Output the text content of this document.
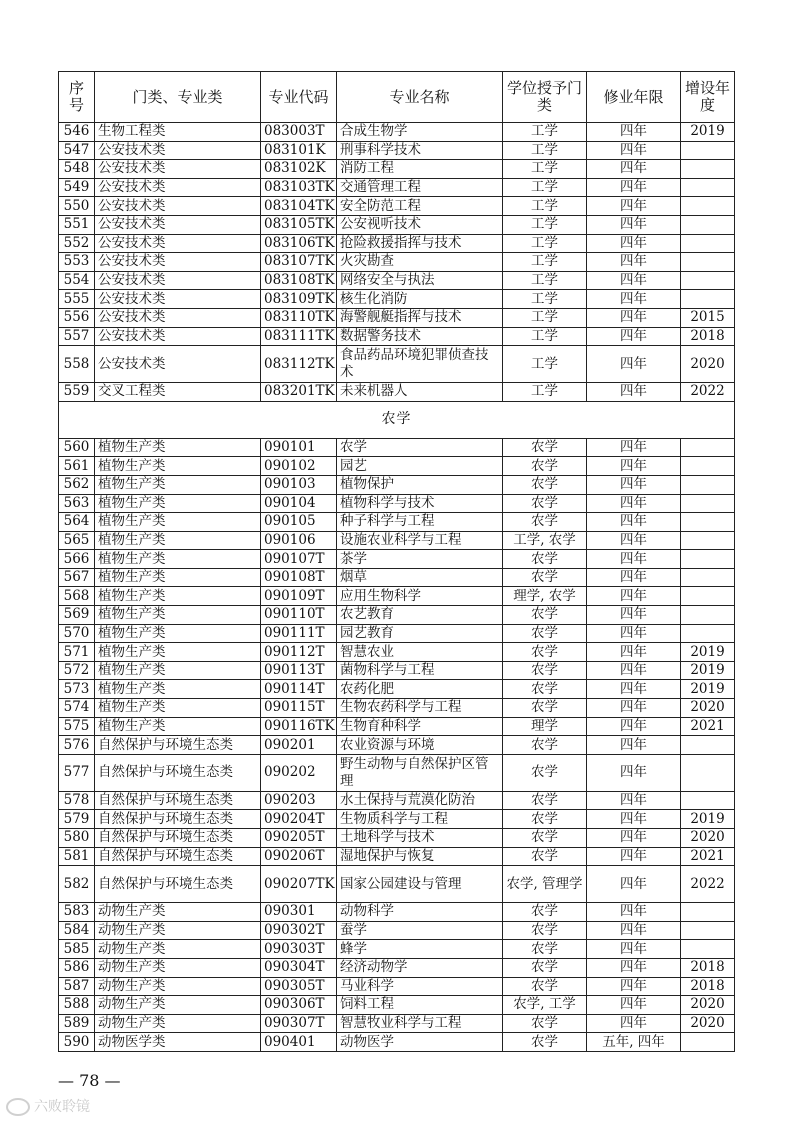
序号	门类、专业类	专业代码	专业名称	学位授予门类	修业年限	增设年度
546	生物工程类	083003T	合成生物学	工学	四年	2019
547	公安技术类	083101K	刑事科学技术	工学	四年	
548	公安技术类	083102K	消防工程	工学	四年	
549	公安技术类	083103TK	交通管理工程	工学	四年	
550	公安技术类	083104TK	安全防范工程	工学	四年	
551	公安技术类	083105TK	公安视听技术	工学	四年	
552	公安技术类	083106TK	抢险救援指挥与技术	工学	四年	
553	公安技术类	083107TK	火灾勘查	工学	四年	
554	公安技术类	083108TK	网络安全与执法	工学	四年	
555	公安技术类	083109TK	核生化消防	工学	四年	
556	公安技术类	083110TK	海警舰艇指挥与技术	工学	四年	2015
557	公安技术类	083111TK	数据警务技术	工学	四年	2018
558	公安技术类	083112TK	食品药品环境犯罪侦查技术	工学	四年	2020
559	交叉工程类	083201TK	未来机器人	工学	四年	2022
农学						
560	植物生产类	090101	农学	农学	四年	
561	植物生产类	090102	园艺	农学	四年	
562	植物生产类	090103	植物保护	农学	四年	
563	植物生产类	090104	植物科学与技术	农学	四年	
564	植物生产类	090105	种子科学与工程	农学	四年	
565	植物生产类	090106	设施农业科学与工程	工学, 农学	四年	
566	植物生产类	090107T	茶学	农学	四年	
567	植物生产类	090108T	烟草	农学	四年	
568	植物生产类	090109T	应用生物科学	理学, 农学	四年	
569	植物生产类	090110T	农艺教育	农学	四年	
570	植物生产类	090111T	园艺教育	农学	四年	
571	植物生产类	090112T	智慧农业	农学	四年	2019
572	植物生产类	090113T	菌物科学与工程	农学	四年	2019
573	植物生产类	090114T	农药化肥	农学	四年	2019
574	植物生产类	090115T	生物农药科学与工程	农学	四年	2020
575	植物生产类	090116TK	生物育种科学	理学	四年	2021
576	自然保护与环境生态类	090201	农业资源与环境	农学	四年	
577	自然保护与环境生态类	090202	野生动物与自然保护区管理	农学	四年	
578	自然保护与环境生态类	090203	水土保持与荒漠化防治	农学	四年	
579	自然保护与环境生态类	090204T	生物质科学与工程	农学	四年	2019
580	自然保护与环境生态类	090205T	土地科学与技术	农学	四年	2020
581	自然保护与环境生态类	090206T	湿地保护与恢复	农学	四年	2021
582	自然保护与环境生态类	090207TK	国家公园建设与管理	农学, 管理学	四年	2022
583	动物生产类	090301	动物科学	农学	四年	
584	动物生产类	090302T	蚕学	农学	四年	
585	动物生产类	090303T	蜂学	农学	四年	
586	动物生产类	090304T	经济动物学	农学	四年	2018
587	动物生产类	090305T	马业科学	农学	四年	2018
588	动物生产类	090306T	饲料工程	农学, 工学	四年	2020
589	动物生产类	090307T	智慧牧业科学与工程	农学	四年	2020
590	动物医学类	090401	动物医学	农学	五年, 四年	
— 78 —
六败聆镜
